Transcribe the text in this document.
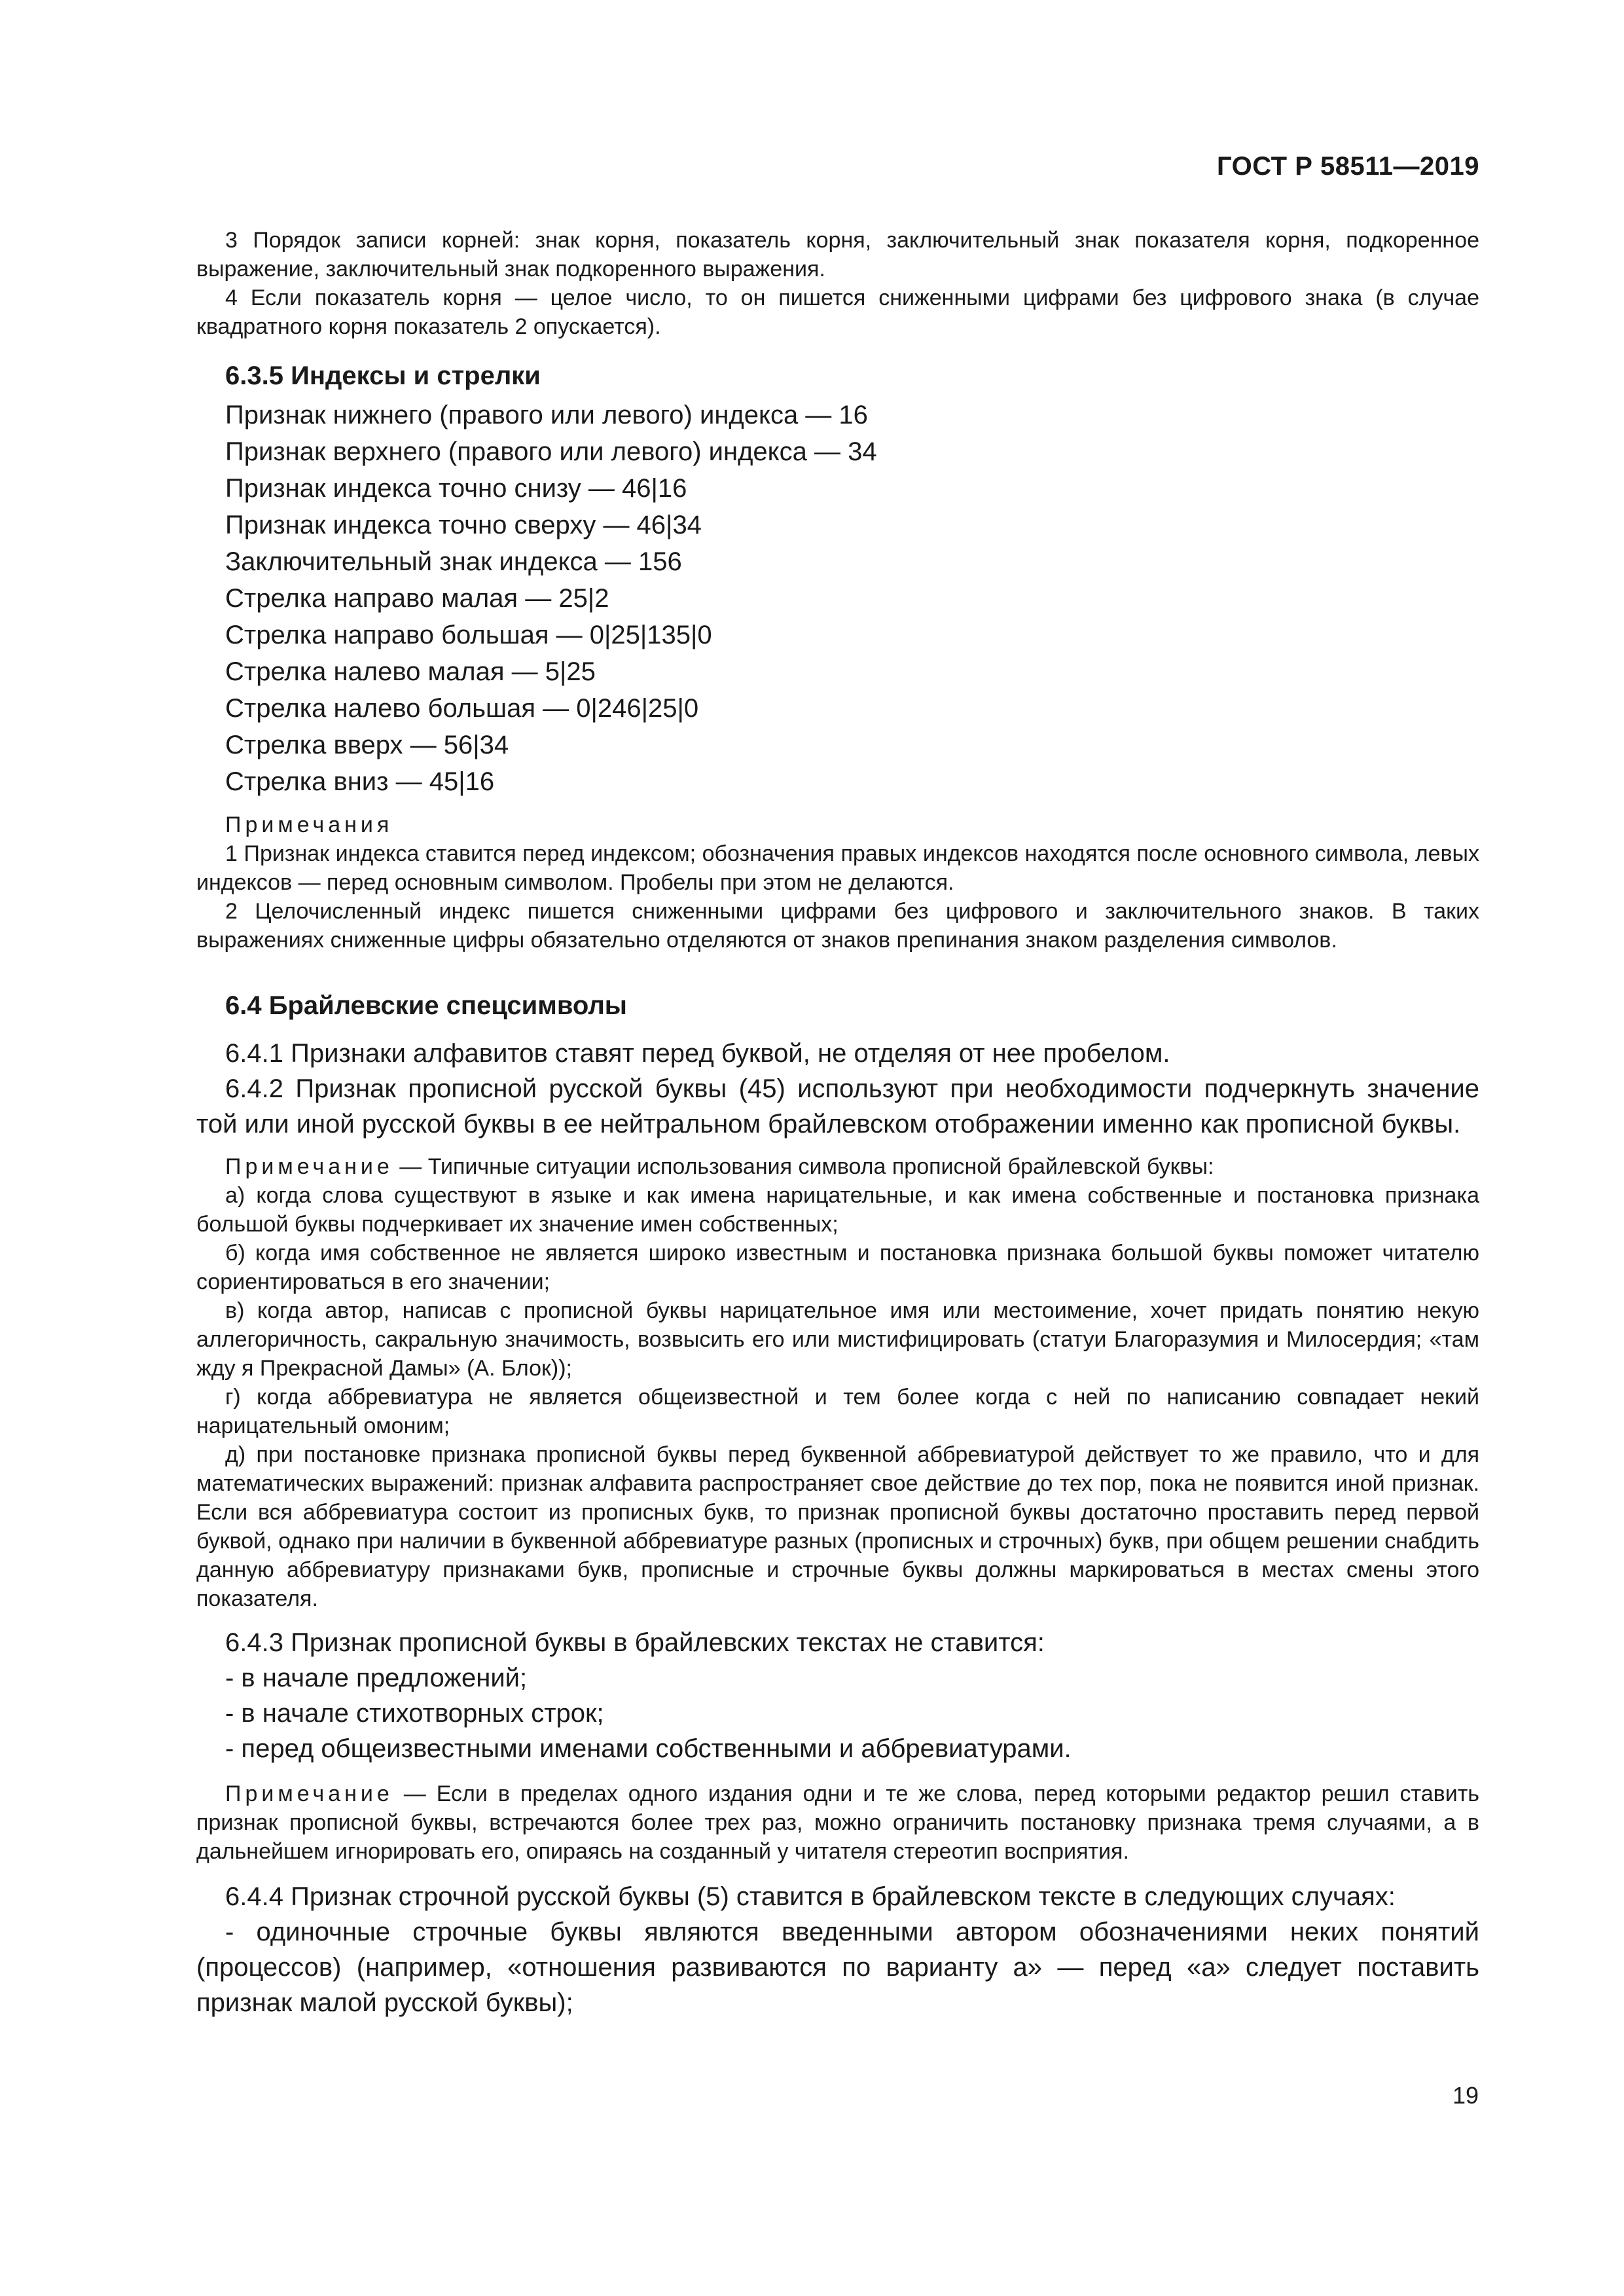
ГОСТ Р 58511—2019

3 Порядок записи корней: знак корня, показатель корня, заключительный знак показателя корня, подкоренное выражение, заключительный знак подкоренного выражения.

4 Если показатель корня — целое число, то он пишется сниженными цифрами без цифрового знака (в случае квадратного корня показатель 2 опускается).

6.3.5 Индексы и стрелки

Признак нижнего (правого или левого) индекса — 16

Признак верхнего (правого или левого) индекса — 34

Признак индекса точно снизу — 46|16

Признак индекса точно сверху — 46|34

Заключительный знак индекса — 156

Стрелка направо малая — 25|2

Стрелка направо большая — 0|25|135|0

Стрелка налево малая — 5|25

Стрелка налево большая — 0|246|25|0

Стрелка вверх — 56|34

Стрелка вниз — 45|16

Примечания

1 Признак индекса ставится перед индексом; обозначения правых индексов находятся после основного символа, левых индексов — перед основным символом. Пробелы при этом не делаются.

2 Целочисленный индекс пишется сниженными цифрами без цифрового и заключительного знаков. В таких выражениях сниженные цифры обязательно отделяются от знаков препинания знаком разделения символов.

6.4 Брайлевские спецсимволы

6.4.1 Признаки алфавитов ставят перед буквой, не отделяя от нее пробелом.

6.4.2 Признак прописной русской буквы (45) используют при необходимости подчеркнуть значение той или иной русской буквы в ее нейтральном брайлевском отображении именно как прописной буквы.

Примечание — Типичные ситуации использования символа прописной брайлевской буквы:

а) когда слова существуют в языке и как имена нарицательные, и как имена собственные и постановка признака большой буквы подчеркивает их значение имен собственных;

б) когда имя собственное не является широко известным и постановка признака большой буквы поможет читателю сориентироваться в его значении;

в) когда автор, написав с прописной буквы нарицательное имя или местоимение, хочет придать понятию некую аллегоричность, сакральную значимость, возвысить его или мистифицировать (статуи Благоразумия и Милосердия; «там жду я Прекрасной Дамы» (А. Блок));

г) когда аббревиатура не является общеизвестной и тем более когда с ней по написанию совпадает некий нарицательный омоним;

д) при постановке признака прописной буквы перед буквенной аббревиатурой действует то же правило, что и для математических выражений: признак алфавита распространяет свое действие до тех пор, пока не появится иной признак. Если вся аббревиатура состоит из прописных букв, то признак прописной буквы достаточно проставить перед первой буквой, однако при наличии в буквенной аббревиатуре разных (прописных и строчных) букв, при общем решении снабдить данную аббревиатуру признаками букв, прописные и строчные буквы должны маркироваться в местах смены этого показателя.

6.4.3 Признак прописной буквы в брайлевских текстах не ставится:

- в начале предложений;

- в начале стихотворных строк;

- перед общеизвестными именами собственными и аббревиатурами.

Примечание — Если в пределах одного издания одни и те же слова, перед которыми редактор решил ставить признак прописной буквы, встречаются более трех раз, можно ограничить постановку признака тремя случаями, а в дальнейшем игнорировать его, опираясь на созданный у читателя стереотип восприятия.

6.4.4 Признак строчной русской буквы (5) ставится в брайлевском тексте в следующих случаях:

- одиночные строчные буквы являются введенными автором обозначениями неких понятий (процессов) (например, «отношения развиваются по варианту а» — перед «а» следует поставить признак малой русской буквы);

19
